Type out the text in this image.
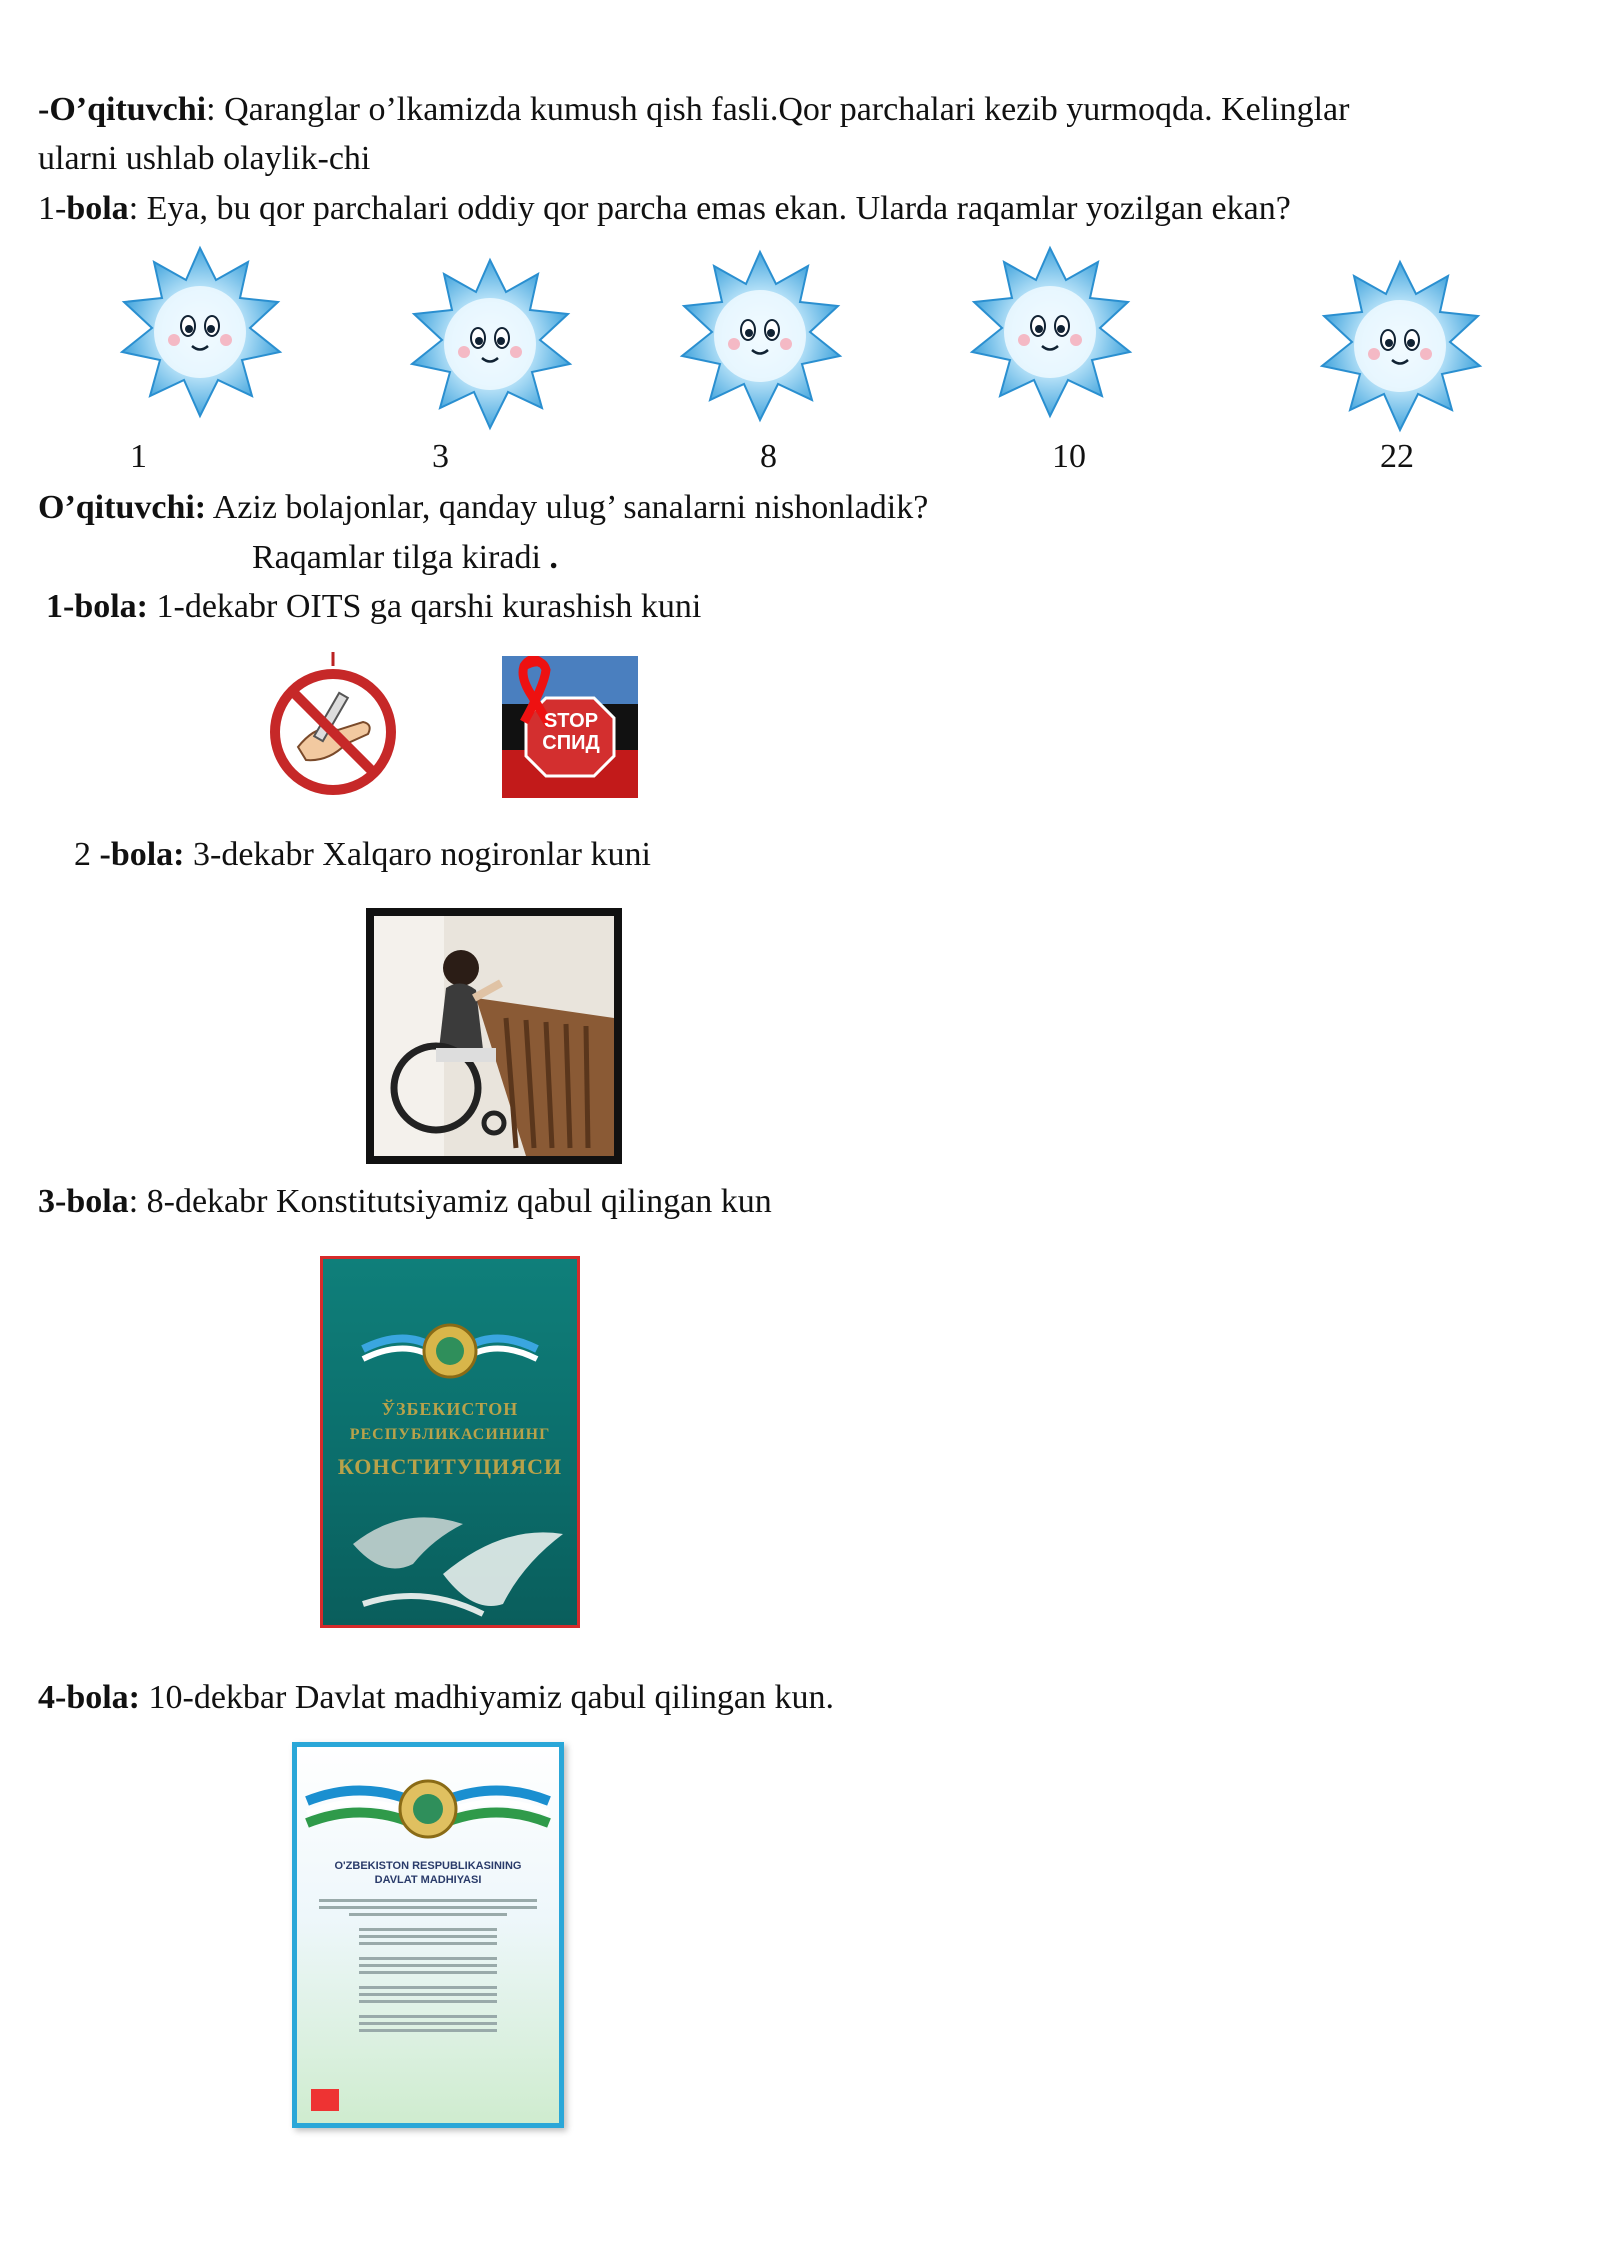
-O’qituvchi: Qaranglar o’lkamizda kumush qish fasli.Qor parchalari kezib yurmoqda. Kelinglar
ularni ushlab olaylik-chi
1-bola: Eya, bu qor parchalari oddiy qor parcha emas ekan. Ularda raqamlar yozilgan ekan?
1	3	8	10	22
O’qituvchi: Aziz bolajonlar, qanday ulug’ sanalarni nishonladik?
Raqamlar tilga kiradi .
1-bola: 1-dekabr OITS ga qarshi kurashish kuni
STOP
СПИД
2 -bola: 3-dekabr Xalqaro nogironlar kuni
3-bola: 8-dekabr Konstitutsiyamiz qabul qilingan kun
ЎЗБЕКИСТОН
РЕСПУБЛИКАСИНИНГ
КОНСТИТУЦИЯСИ
4-bola: 10-dekbar Davlat madhiyamiz qabul qilingan kun.
O'ZBEKISTON RESPUBLIKASINING
DAVLAT MADHIYASI
